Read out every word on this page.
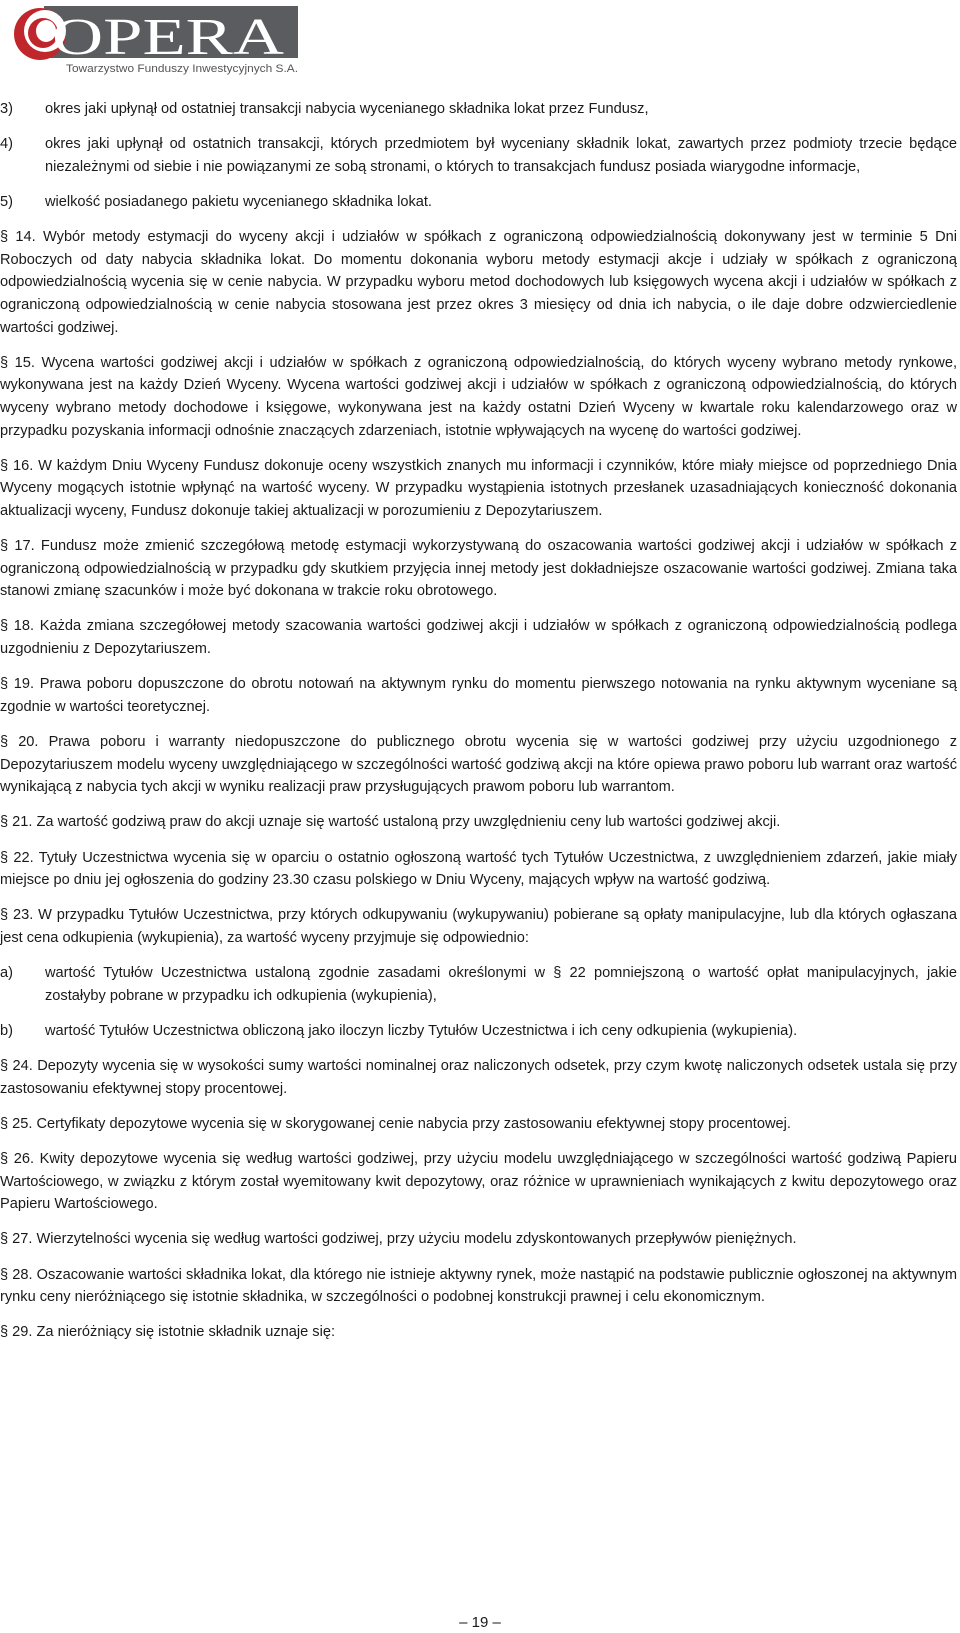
OPERA
Towarzystwo Funduszy Inwestycyjnych S.A.
3)	okres jaki upłynął od ostatniej transakcji nabycia wycenianego składnika lokat przez Fundusz,
4)	okres jaki upłynął od ostatnich transakcji, których przedmiotem był wyceniany składnik lokat, zawartych przez podmioty trzecie będące niezależnymi od siebie i nie powiązanymi ze sobą stronami, o których to transakcjach fundusz posiada wiarygodne informacje,
5)	wielkość posiadanego pakietu wycenianego składnika lokat.

§ 14. Wybór metody estymacji do wyceny akcji i udziałów w spółkach z ograniczoną odpowiedzialnością dokonywany jest w terminie 5 Dni Roboczych od daty nabycia składnika lokat. Do momentu dokonania wyboru metody estymacji akcje i udziały w spółkach z ograniczoną odpowiedzialnością wycenia się w cenie nabycia. W przypadku wyboru metod dochodowych lub księgowych wycena akcji i udziałów w spółkach z ograniczoną odpowiedzialnością w cenie nabycia stosowana jest przez okres 3 miesięcy od dnia ich nabycia, o ile daje dobre odzwierciedlenie wartości godziwej.

§ 15. Wycena wartości godziwej akcji i udziałów w spółkach z ograniczoną odpowiedzialnością, do których wyceny wybrano metody rynkowe, wykonywana jest na każdy Dzień Wyceny. Wycena wartości godziwej akcji i udziałów w spółkach z ograniczoną odpowiedzialnością, do których wyceny wybrano metody dochodowe i księgowe, wykonywana jest na każdy ostatni Dzień Wyceny w kwartale roku kalendarzowego oraz w przypadku pozyskania informacji odnośnie znaczących zdarzeniach, istotnie wpływających na wycenę do wartości godziwej.

§ 16. W każdym Dniu Wyceny Fundusz dokonuje oceny wszystkich znanych mu informacji i czynników, które miały miejsce od poprzedniego Dnia Wyceny mogących istotnie wpłynąć na wartość wyceny. W przypadku wystąpienia istotnych przesłanek uzasadniających konieczność dokonania aktualizacji wyceny, Fundusz dokonuje takiej aktualizacji w porozumieniu z Depozytariuszem.

§ 17. Fundusz może zmienić szczegółową metodę estymacji wykorzystywaną do oszacowania wartości godziwej akcji i udziałów w spółkach z ograniczoną odpowiedzialnością w przypadku gdy skutkiem przyjęcia innej metody jest dokładniejsze oszacowanie wartości godziwej. Zmiana taka stanowi zmianę szacunków i może być dokonana w trakcie roku obrotowego.

§ 18. Każda zmiana szczegółowej metody szacowania wartości godziwej akcji i udziałów w spółkach z ograniczoną odpowiedzialnością podlega uzgodnieniu z Depozytariuszem.

§ 19. Prawa poboru dopuszczone do obrotu notowań na aktywnym rynku do momentu pierwszego notowania na rynku aktywnym wyceniane są zgodnie w wartości teoretycznej.

§ 20. Prawa poboru i warranty niedopuszczone do publicznego obrotu wycenia się w wartości godziwej przy użyciu uzgodnionego z Depozytariuszem modelu wyceny uwzględniającego w szczególności wartość godziwą akcji na które opiewa prawo poboru lub warrant oraz wartość wynikającą z nabycia tych akcji w wyniku realizacji praw przysługujących prawom poboru lub warrantom.

§ 21. Za wartość godziwą praw do akcji uznaje się wartość ustaloną przy uwzględnieniu ceny lub wartości godziwej akcji.

§ 22. Tytuły Uczestnictwa wycenia się w oparciu o ostatnio ogłoszoną wartość tych Tytułów Uczestnictwa, z uwzględnieniem zdarzeń, jakie miały miejsce po dniu jej ogłoszenia do godziny 23.30 czasu polskiego w Dniu Wyceny, mających wpływ na wartość godziwą.

§ 23. W przypadku Tytułów Uczestnictwa, przy których odkupywaniu (wykupywaniu) pobierane są opłaty manipulacyjne, lub dla których ogłaszana jest cena odkupienia (wykupienia), za wartość wyceny przyjmuje się odpowiednio:

a)	wartość Tytułów Uczestnictwa ustaloną zgodnie zasadami określonymi w § 22 pomniejszoną o wartość opłat manipulacyjnych, jakie zostałyby pobrane w przypadku ich odkupienia (wykupienia),
b)	wartość Tytułów Uczestnictwa obliczoną jako iloczyn liczby Tytułów Uczestnictwa i ich ceny odkupienia (wykupienia).

§ 24. Depozyty wycenia się w wysokości sumy wartości nominalnej oraz naliczonych odsetek, przy czym kwotę naliczonych odsetek ustala się przy zastosowaniu efektywnej stopy procentowej.

§ 25. Certyfikaty depozytowe wycenia się w skorygowanej cenie nabycia przy zastosowaniu efektywnej stopy procentowej.

§ 26. Kwity depozytowe wycenia się według wartości godziwej, przy użyciu modelu uwzględniającego w szczególności wartość godziwą Papieru Wartościowego, w związku z którym został wyemitowany kwit depozytowy, oraz różnice w uprawnieniach wynikających z kwitu depozytowego oraz Papieru Wartościowego.

§ 27. Wierzytelności wycenia się według wartości godziwej, przy użyciu modelu zdyskontowanych przepływów pieniężnych.

§ 28. Oszacowanie wartości składnika lokat, dla którego nie istnieje aktywny rynek, może nastąpić na podstawie publicznie ogłoszonej na aktywnym rynku ceny nieróżniącego się istotnie składnika, w szczególności o podobnej konstrukcji prawnej i celu ekonomicznym.

§ 29. Za nieróżniący się istotnie składnik uznaje się:

– 19 –
